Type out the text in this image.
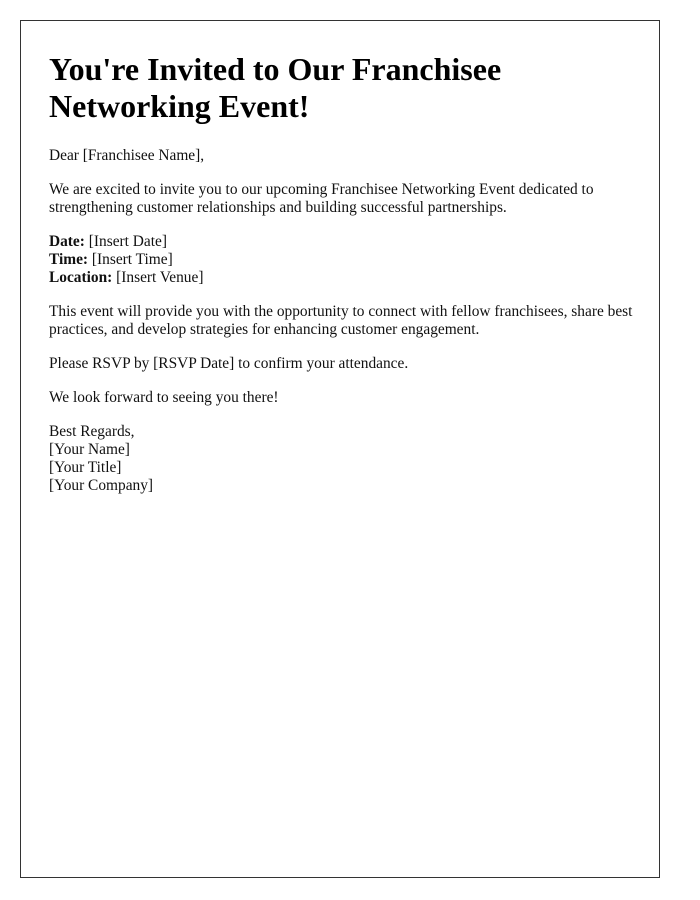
You're Invited to Our Franchisee Networking Event!

Dear [Franchisee Name],

We are excited to invite you to our upcoming Franchisee Networking Event dedicated to strengthening customer relationships and building successful partnerships.

Date: [Insert Date]
Time: [Insert Time]
Location: [Insert Venue]

This event will provide you with the opportunity to connect with fellow franchisees, share best practices, and develop strategies for enhancing customer engagement.

Please RSVP by [RSVP Date] to confirm your attendance.

We look forward to seeing you there!

Best Regards,
[Your Name]
[Your Title]
[Your Company]
